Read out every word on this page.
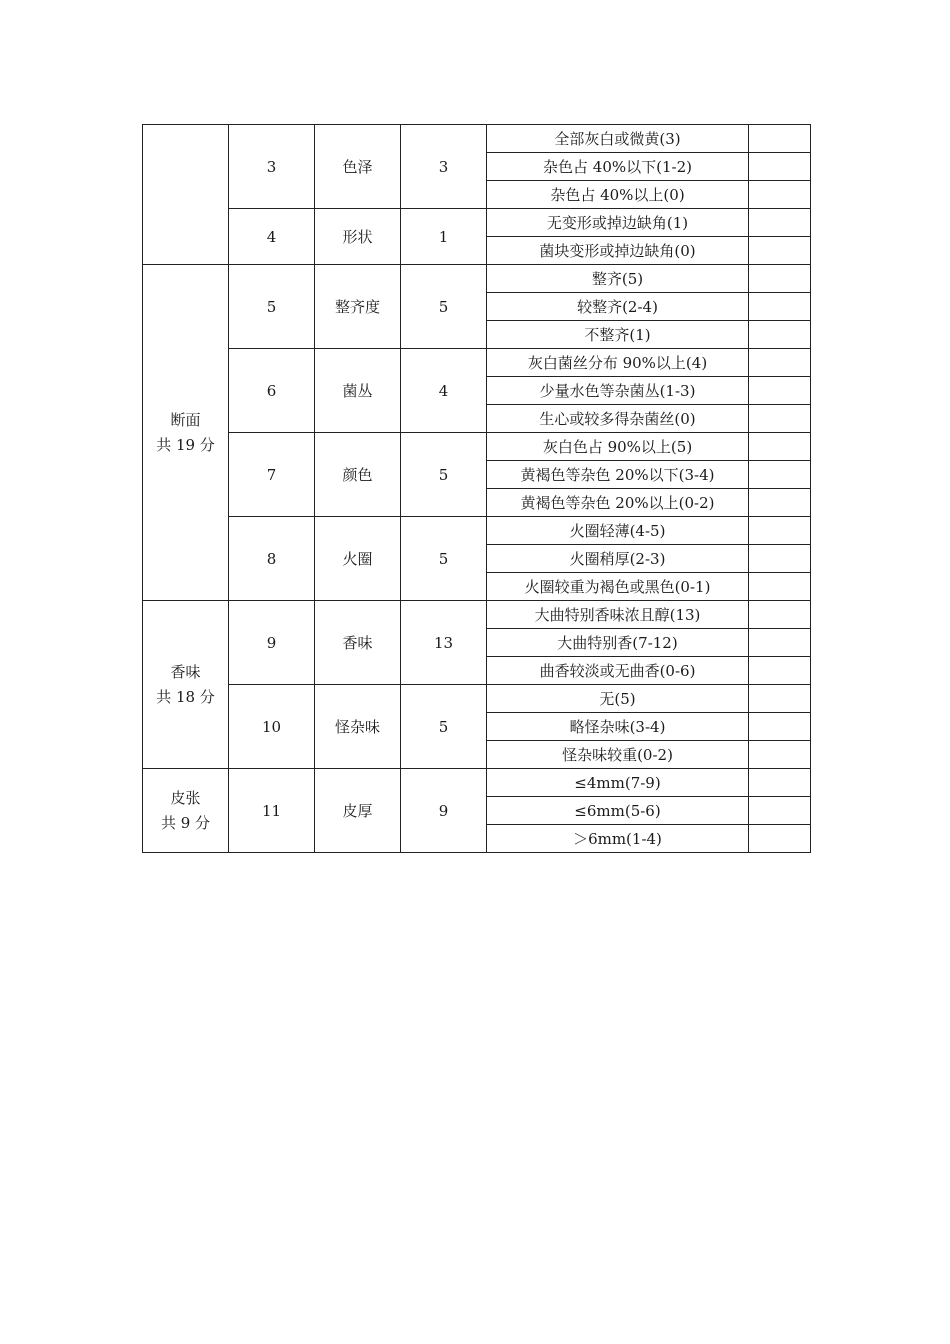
	3	色泽	3	全部灰白或微黄(3)	
				杂色占 40%以下(1-2)	
				杂色占 40%以上(0)	
	4	形状	1	无变形或掉边缺角(1)	
				菌块变形或掉边缺角(0)	

断面
共 19 分	5	整齐度	5	整齐(5)	
				较整齐(2-4)	
				不整齐(1)	
	6	菌丛	4	灰白菌丝分布 90%以上(4)	
				少量水色等杂菌丛(1-3)	
				生心或较多得杂菌丝(0)	
	7	颜色	5	灰白色占 90%以上(5)	
				黄褐色等杂色 20%以下(3-4)	
				黄褐色等杂色 20%以上(0-2)	
	8	火圈	5	火圈轻薄(4-5)	
				火圈稍厚(2-3)	
				火圈较重为褐色或黑色(0-1)	

香味
共 18 分	9	香味	13	大曲特别香味浓且醇(13)	
				大曲特别香(7-12)	
				曲香较淡或无曲香(0-6)	
	10	怪杂味	5	无(5)	
				略怪杂味(3-4)	
				怪杂味较重(0-2)	

皮张
共 9 分	11	皮厚	9	≤4mm(7-9)	
				≤6mm(5-6)	
				＞6mm(1-4)	
